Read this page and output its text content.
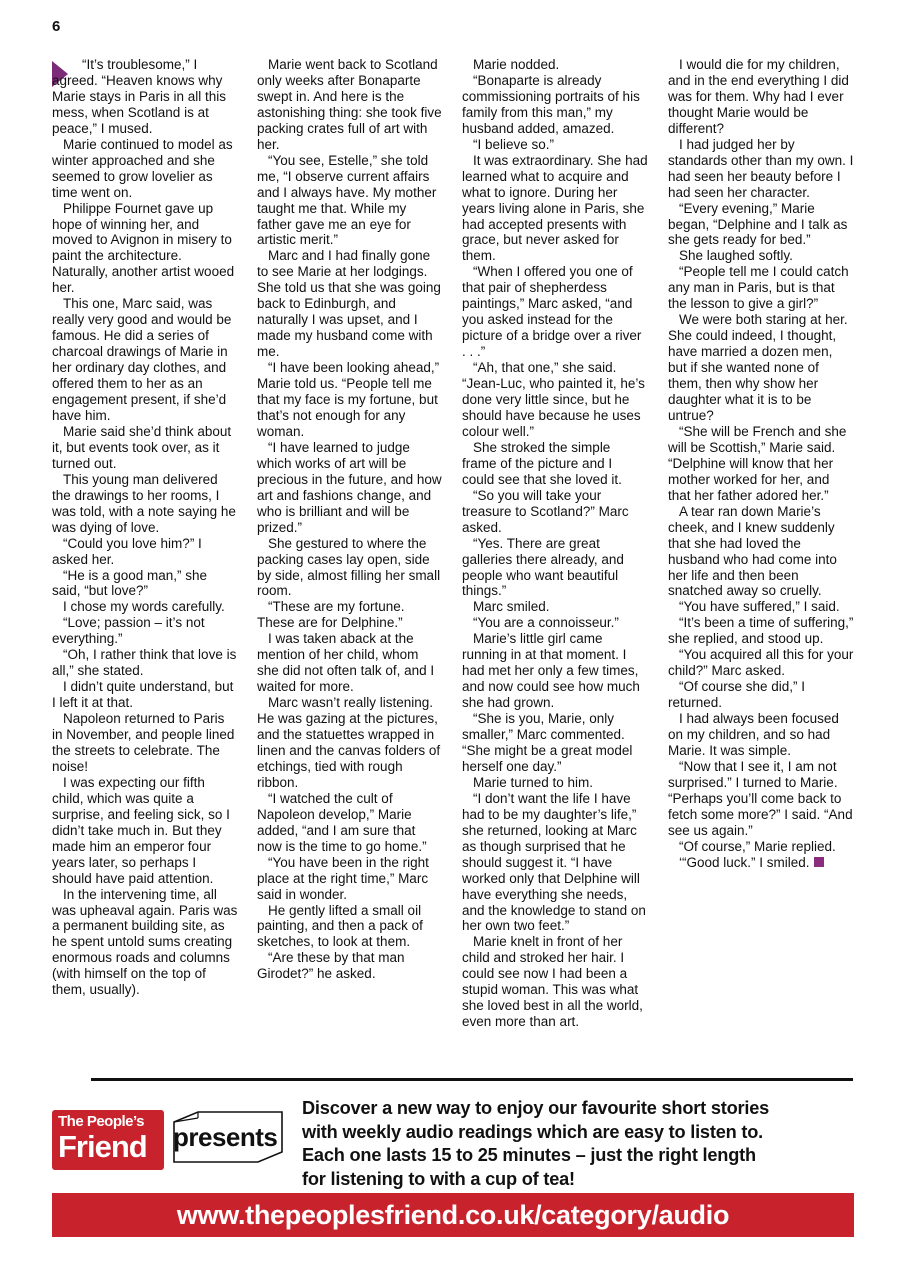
6

“It’s troublesome,” I agreed. “Heaven knows why Marie stays in Paris in all this mess, when Scotland is at peace,” I mused.

Marie continued to model as winter approached and she seemed to grow lovelier as time went on.

Philippe Fournet gave up hope of winning her, and moved to Avignon in misery to paint the architecture. Naturally, another artist wooed her.

This one, Marc said, was really very good and would be famous. He did a series of charcoal drawings of Marie in her ordinary day clothes, and offered them to her as an engagement present, if she’d have him.

Marie said she’d think about it, but events took over, as it turned out.

This young man delivered the drawings to her rooms, I was told, with a note saying he was dying of love.

“Could you love him?” I asked her.

“He is a good man,” she said, “but love?”

I chose my words carefully.

“Love; passion – it’s not everything.”

“Oh, I rather think that love is all,” she stated.

I didn’t quite understand, but I left it at that.

Napoleon returned to Paris in November, and people lined the streets to celebrate. The noise!

I was expecting our fifth child, which was quite a surprise, and feeling sick, so I didn’t take much in. But they made him an emperor four years later, so perhaps I should have paid attention.

In the intervening time, all was upheaval again. Paris was a permanent building site, as he spent untold sums creating enormous roads and columns (with himself on the top of them, usually).

Marie went back to Scotland only weeks after Bonaparte swept in. And here is the astonishing thing: she took five packing crates full of art with her.

“You see, Estelle,” she told me, “I observe current affairs and I always have. My mother taught me that. While my father gave me an eye for artistic merit.”

Marc and I had finally gone to see Marie at her lodgings. She told us that she was going back to Edinburgh, and naturally I was upset, and I made my husband come with me.

“I have been looking ahead,” Marie told us. “People tell me that my face is my fortune, but that’s not enough for any woman.

“I have learned to judge which works of art will be precious in the future, and how art and fashions change, and who is brilliant and will be prized.”

She gestured to where the packing cases lay open, side by side, almost filling her small room.

“These are my fortune. These are for Delphine.”

I was taken aback at the mention of her child, whom she did not often talk of, and I waited for more.

Marc wasn’t really listening. He was gazing at the pictures, and the statuettes wrapped in linen and the canvas folders of etchings, tied with rough ribbon.

“I watched the cult of Napoleon develop,” Marie added, “and I am sure that now is the time to go home.”

“You have been in the right place at the right time,” Marc said in wonder.

He gently lifted a small oil painting, and then a pack of sketches, to look at them.

“Are these by that man Girodet?” he asked.

Marie nodded.

“Bonaparte is already commissioning portraits of his family from this man,” my husband added, amazed.

“I believe so.”

It was extraordinary. She had learned what to acquire and what to ignore. During her years living alone in Paris, she had accepted presents with grace, but never asked for them.

“When I offered you one of that pair of shepherdess paintings,” Marc asked, “and you asked instead for the picture of a bridge over a river . . .”

“Ah, that one,” she said. “Jean-Luc, who painted it, he’s done very little since, but he should have because he uses colour well.”

She stroked the simple frame of the picture and I could see that she loved it.

“So you will take your treasure to Scotland?” Marc asked.

“Yes. There are great galleries there already, and people who want beautiful things.”

Marc smiled.

“You are a connoisseur.”

Marie’s little girl came running in at that moment. I had met her only a few times, and now could see how much she had grown.

“She is you, Marie, only smaller,” Marc commented. “She might be a great model herself one day.”

Marie turned to him.

“I don’t want the life I have had to be my daughter’s life,” she returned, looking at Marc as though surprised that he should suggest it. “I have worked only that Delphine will have everything she needs, and the knowledge to stand on her own two feet.”

Marie knelt in front of her child and stroked her hair. I could see now I had been a stupid woman. This was what she loved best in all the world, even more than art.

I would die for my children, and in the end everything I did was for them. Why had I ever thought Marie would be different?

I had judged her by standards other than my own. I had seen her beauty before I had seen her character.

“Every evening,” Marie began, “Delphine and I talk as she gets ready for bed.”

She laughed softly.

“People tell me I could catch any man in Paris, but is that the lesson to give a girl?”

We were both staring at her. She could indeed, I thought, have married a dozen men, but if she wanted none of them, then why show her daughter what it is to be untrue?

“She will be French and she will be Scottish,” Marie said. “Delphine will know that her mother worked for her, and that her father adored her.”

A tear ran down Marie’s cheek, and I knew suddenly that she had loved the husband who had come into her life and then been snatched away so cruelly.

“You have suffered,” I said.

“It’s been a time of suffering,” she replied, and stood up.

“You acquired all this for your child?” Marc asked.

“Of course she did,” I returned.

I had always been focused on my children, and so had Marie. It was simple.

“Now that I see it, I am not surprised.” I turned to Marie. “Perhaps you’ll come back to fetch some more?” I said. “And see us again.”

“Of course,” Marie replied.

‘“Good luck.” I smiled.

The People’s
Friend presents
Discover a new way to enjoy our favourite short stories
with weekly audio readings which are easy to listen to.
Each one lasts 15 to 25 minutes – just the right length
for listening to with a cup of tea!
www.thepeoplesfriend.co.uk/category/audio
